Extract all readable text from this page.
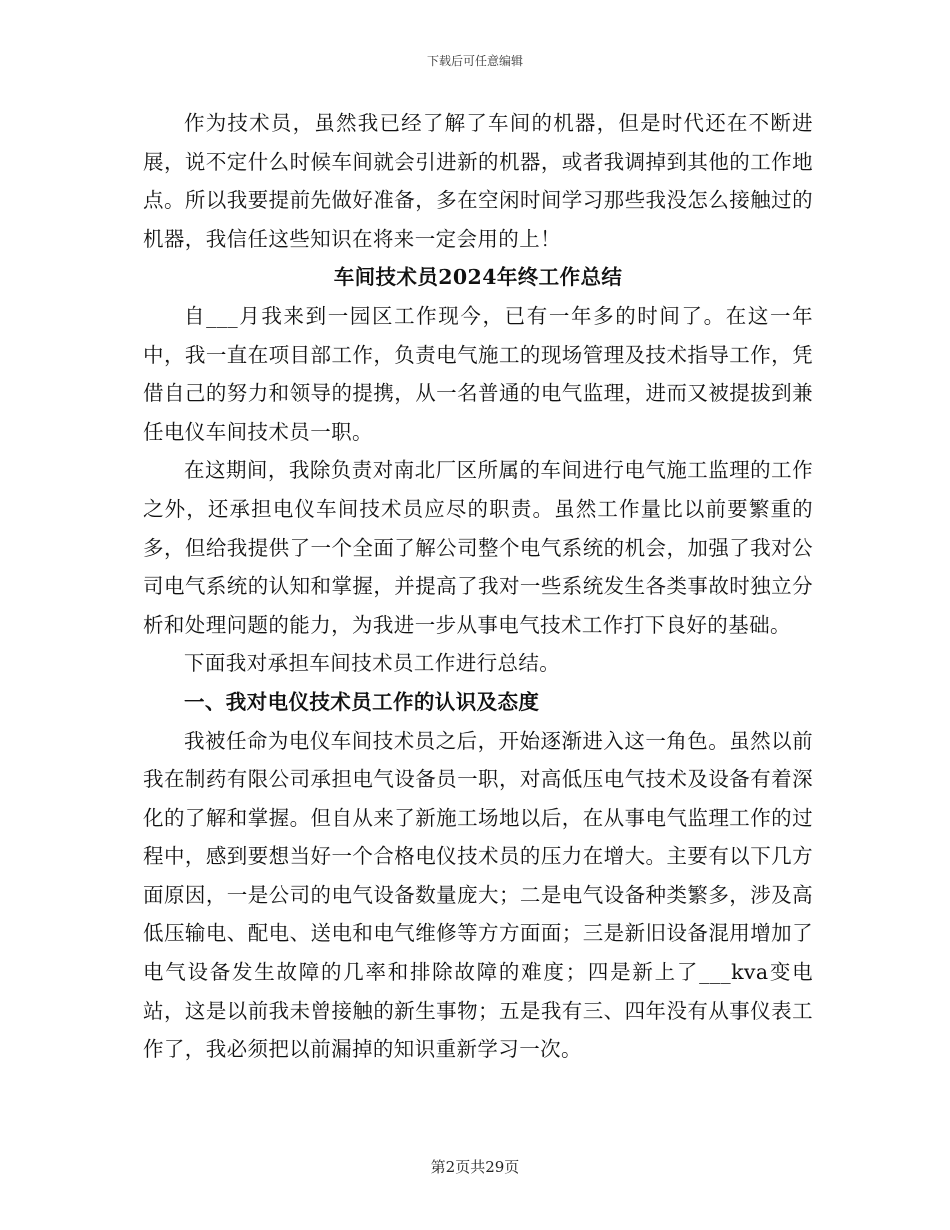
下载后可任意编辑

作为技术员，虽然我已经了解了车间的机器，但是时代还在不断进展，说不定什么时候车间就会引进新的机器，或者我调掉到其他的工作地点。所以我要提前先做好准备，多在空闲时间学习那些我没怎么接触过的机器，我信任这些知识在将来一定会用的上！

车间技术员2024年终工作总结

自___月我来到一园区工作现今，已有一年多的时间了。在这一年中，我一直在项目部工作，负责电气施工的现场管理及技术指导工作，凭借自己的努力和领导的提携，从一名普通的电气监理，进而又被提拔到兼任电仪车间技术员一职。

在这期间，我除负责对南北厂区所属的车间进行电气施工监理的工作之外，还承担电仪车间技术员应尽的职责。虽然工作量比以前要繁重的多，但给我提供了一个全面了解公司整个电气系统的机会，加强了我对公司电气系统的认知和掌握，并提高了我对一些系统发生各类事故时独立分析和处理问题的能力，为我进一步从事电气技术工作打下良好的基础。

下面我对承担车间技术员工作进行总结。

一、我对电仪技术员工作的认识及态度

我被任命为电仪车间技术员之后，开始逐渐进入这一角色。虽然以前我在制药有限公司承担电气设备员一职，对高低压电气技术及设备有着深化的了解和掌握。但自从来了新施工场地以后，在从事电气监理工作的过程中，感到要想当好一个合格电仪技术员的压力在增大。主要有以下几方面原因，一是公司的电气设备数量庞大；二是电气设备种类繁多，涉及高低压输电、配电、送电和电气维修等方方面面；三是新旧设备混用增加了电气设备发生故障的几率和排除故障的难度；四是新上了___kva变电站，这是以前我未曾接触的新生事物；五是我有三、四年没有从事仪表工作了，我必须把以前漏掉的知识重新学习一次。

第2页共29页
